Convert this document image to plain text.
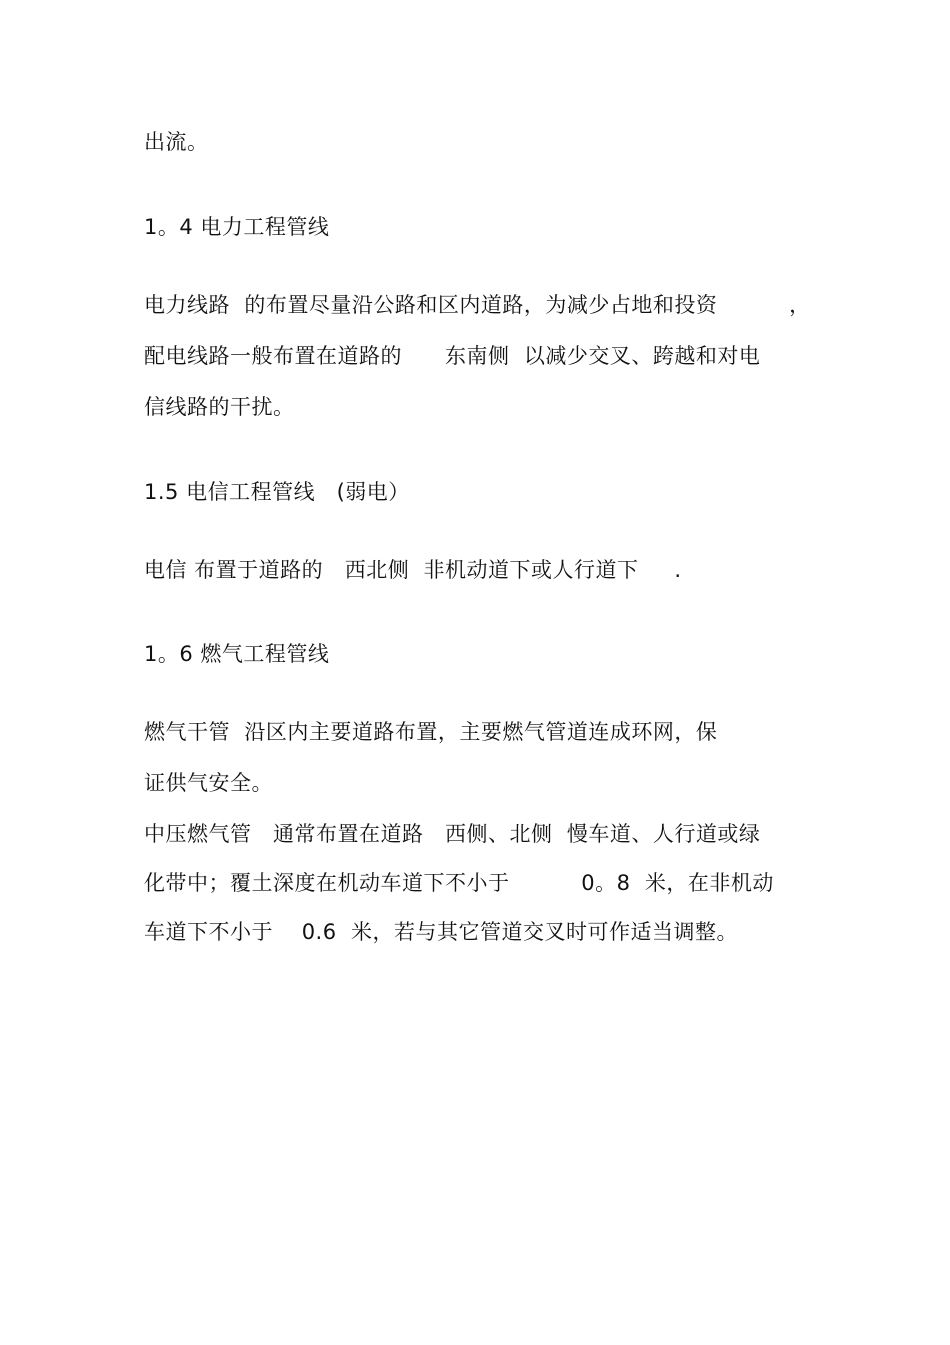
出流。
1。4 电力工程管线
电力线路  的布置尽量沿公路和区内道路，为减少占地和投资          ，
配电线路一般布置在道路的      东南侧  以减少交叉、跨越和对电
信线路的干扰。
1.5 电信工程管线   (弱电）
电信 布置于道路的   西北侧  非机动道下或人行道下     .
1。6 燃气工程管线
燃气干管  沿区内主要道路布置，主要燃气管道连成环网，保
证供气安全。
中压燃气管   通常布置在道路   西侧、北侧  慢车道、人行道或绿
化带中；覆土深度在机动车道下不小于          0。8  米，在非机动
车道下不小于    0.6  米，若与其它管道交叉时可作适当调整。
